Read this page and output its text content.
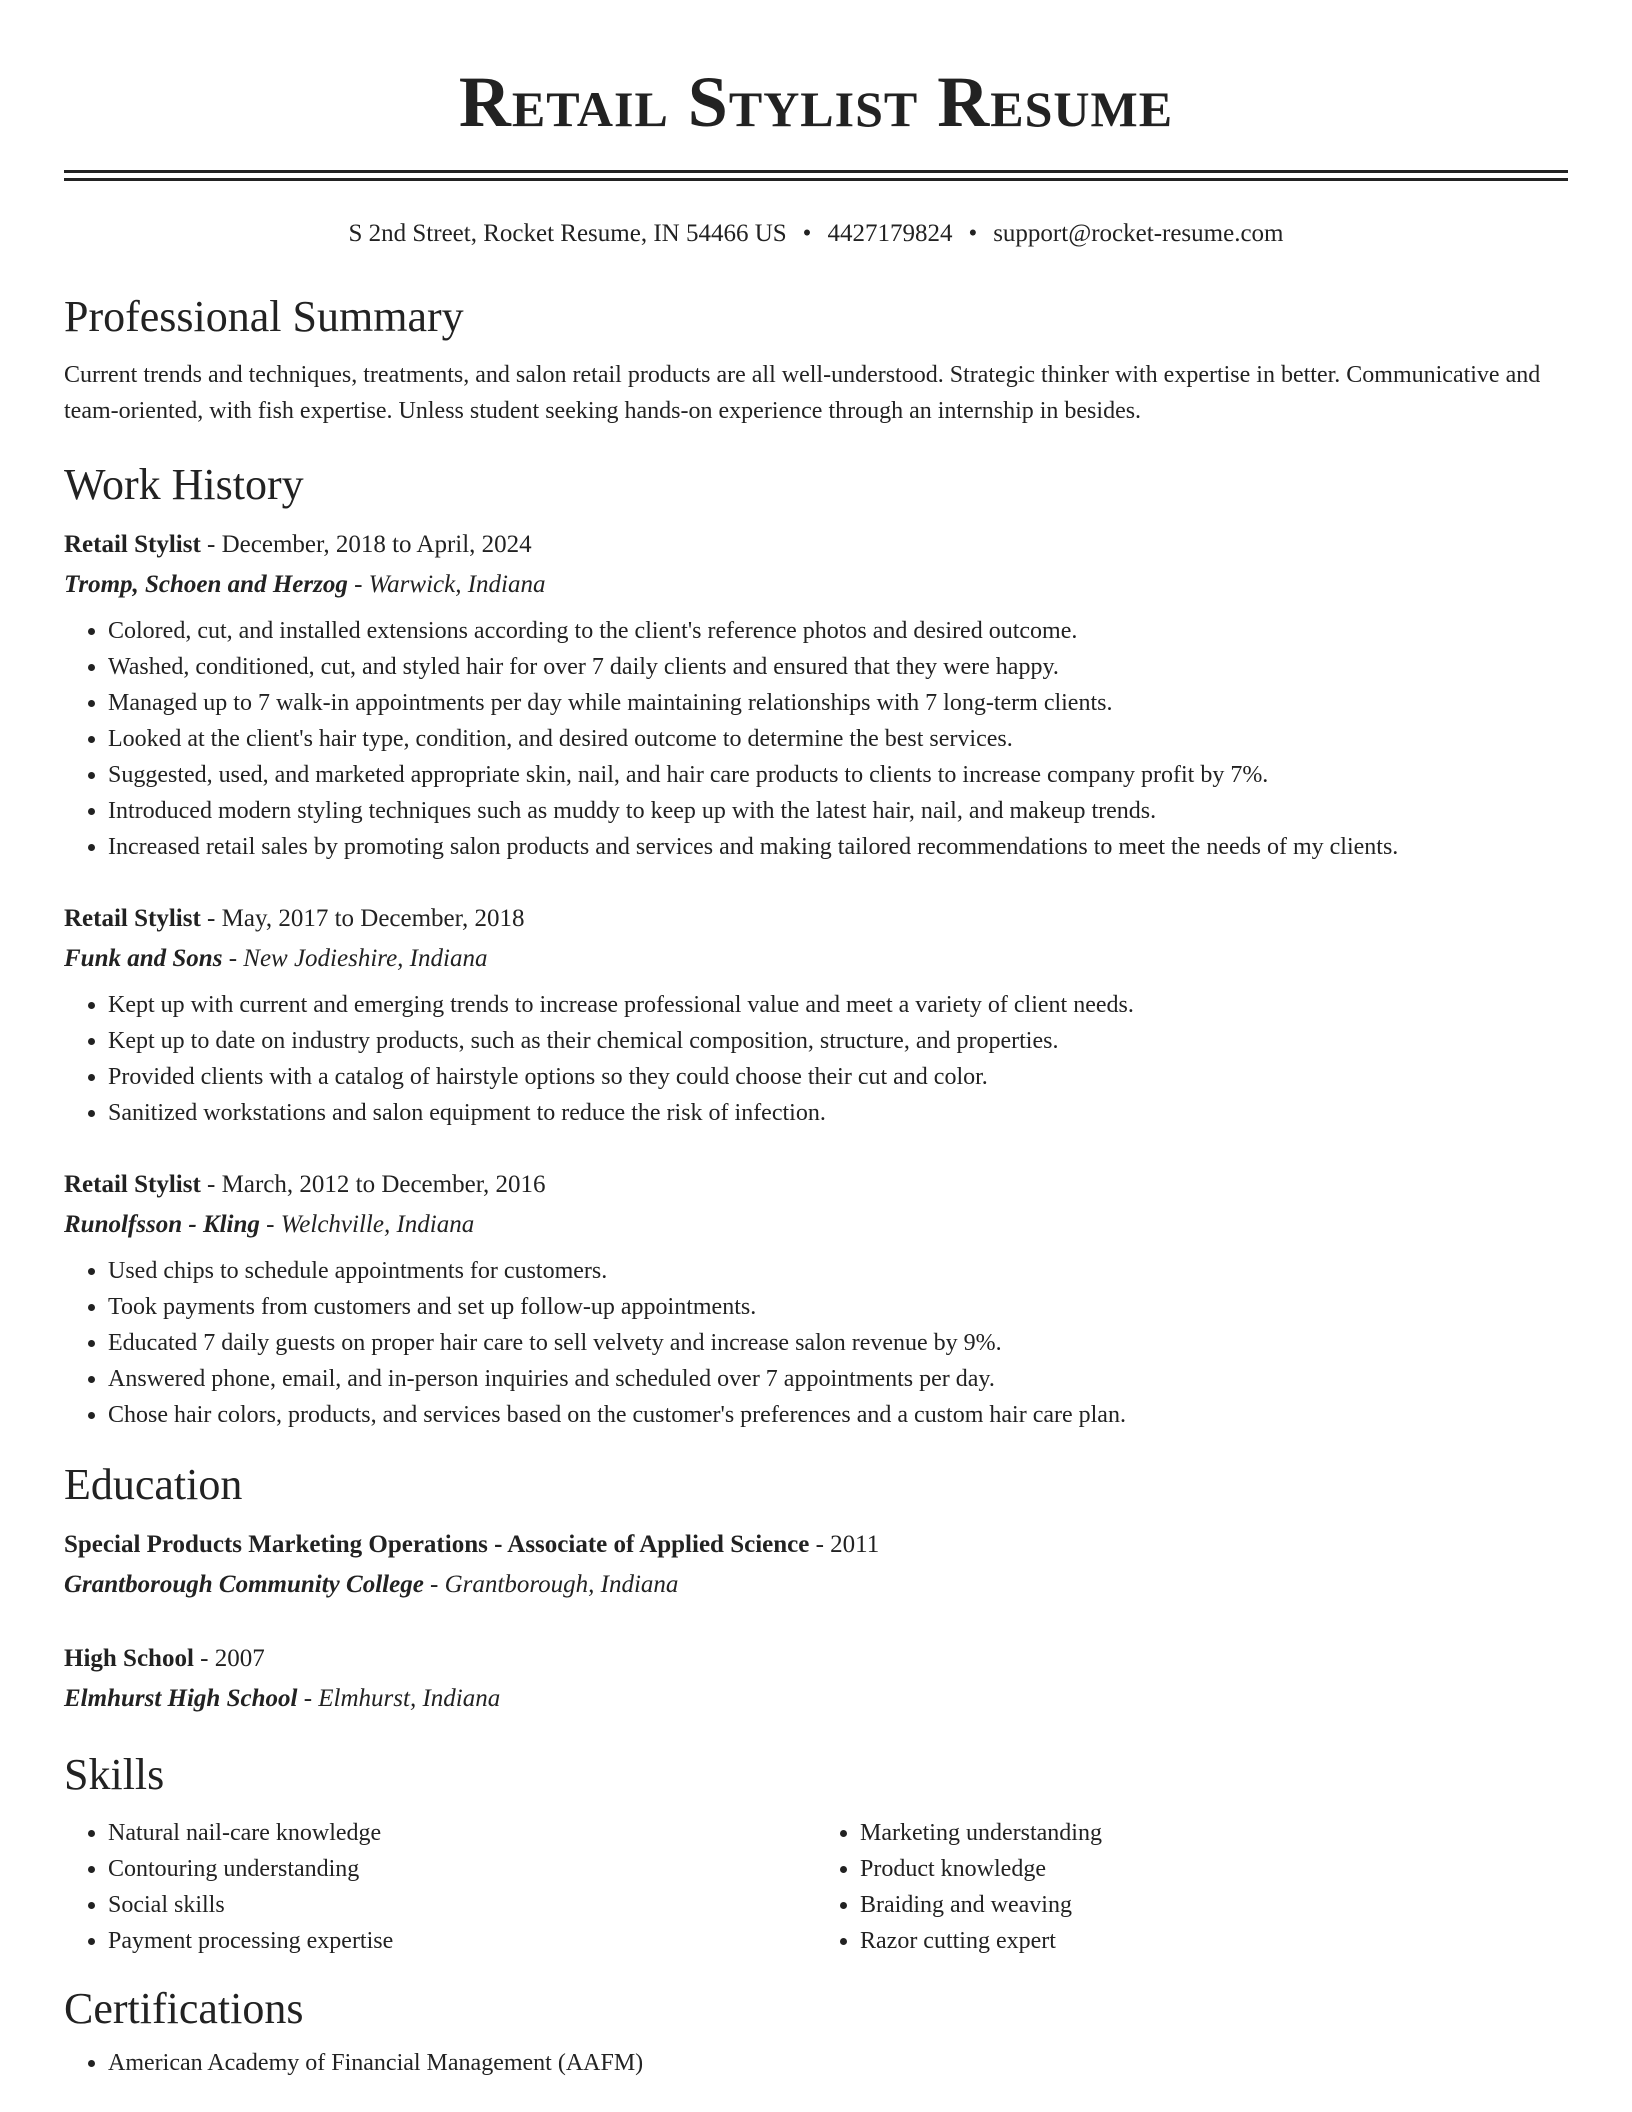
Retail Stylist Resume
S 2nd Street, Rocket Resume, IN 54466 US • 4427179824 • support@rocket-resume.com
Professional Summary

Current trends and techniques, treatments, and salon retail products are all well-understood. Strategic thinker with expertise in better. Communicative and team-oriented, with fish expertise. Unless student seeking hands-on experience through an internship in besides.

Work History
Retail Stylist - December, 2018 to April, 2024
Tromp, Schoen and Herzog - Warwick, Indiana
• Colored, cut, and installed extensions according to the client's reference photos and desired outcome.
• Washed, conditioned, cut, and styled hair for over 7 daily clients and ensured that they were happy.
• Managed up to 7 walk-in appointments per day while maintaining relationships with 7 long-term clients.
• Looked at the client's hair type, condition, and desired outcome to determine the best services.
• Suggested, used, and marketed appropriate skin, nail, and hair care products to clients to increase company profit by 7%.
• Introduced modern styling techniques such as muddy to keep up with the latest hair, nail, and makeup trends.
• Increased retail sales by promoting salon products and services and making tailored recommendations to meet the needs of my clients.
Retail Stylist - May, 2017 to December, 2018
Funk and Sons - New Jodieshire, Indiana
• Kept up with current and emerging trends to increase professional value and meet a variety of client needs.
• Kept up to date on industry products, such as their chemical composition, structure, and properties.
• Provided clients with a catalog of hairstyle options so they could choose their cut and color.
• Sanitized workstations and salon equipment to reduce the risk of infection.
Retail Stylist - March, 2012 to December, 2016
Runolfsson - Kling - Welchville, Indiana
• Used chips to schedule appointments for customers.
• Took payments from customers and set up follow-up appointments.
• Educated 7 daily guests on proper hair care to sell velvety and increase salon revenue by 9%.
• Answered phone, email, and in-person inquiries and scheduled over 7 appointments per day.
• Chose hair colors, products, and services based on the customer's preferences and a custom hair care plan.
Education
Special Products Marketing Operations - Associate of Applied Science - 2011
Grantborough Community College - Grantborough, Indiana
High School - 2007
Elmhurst High School - Elmhurst, Indiana
Skills
• Natural nail-care knowledge
• Contouring understanding
• Social skills
• Payment processing expertise
• Marketing understanding
• Product knowledge
• Braiding and weaving
• Razor cutting expert
Certifications
• American Academy of Financial Management (AAFM)
